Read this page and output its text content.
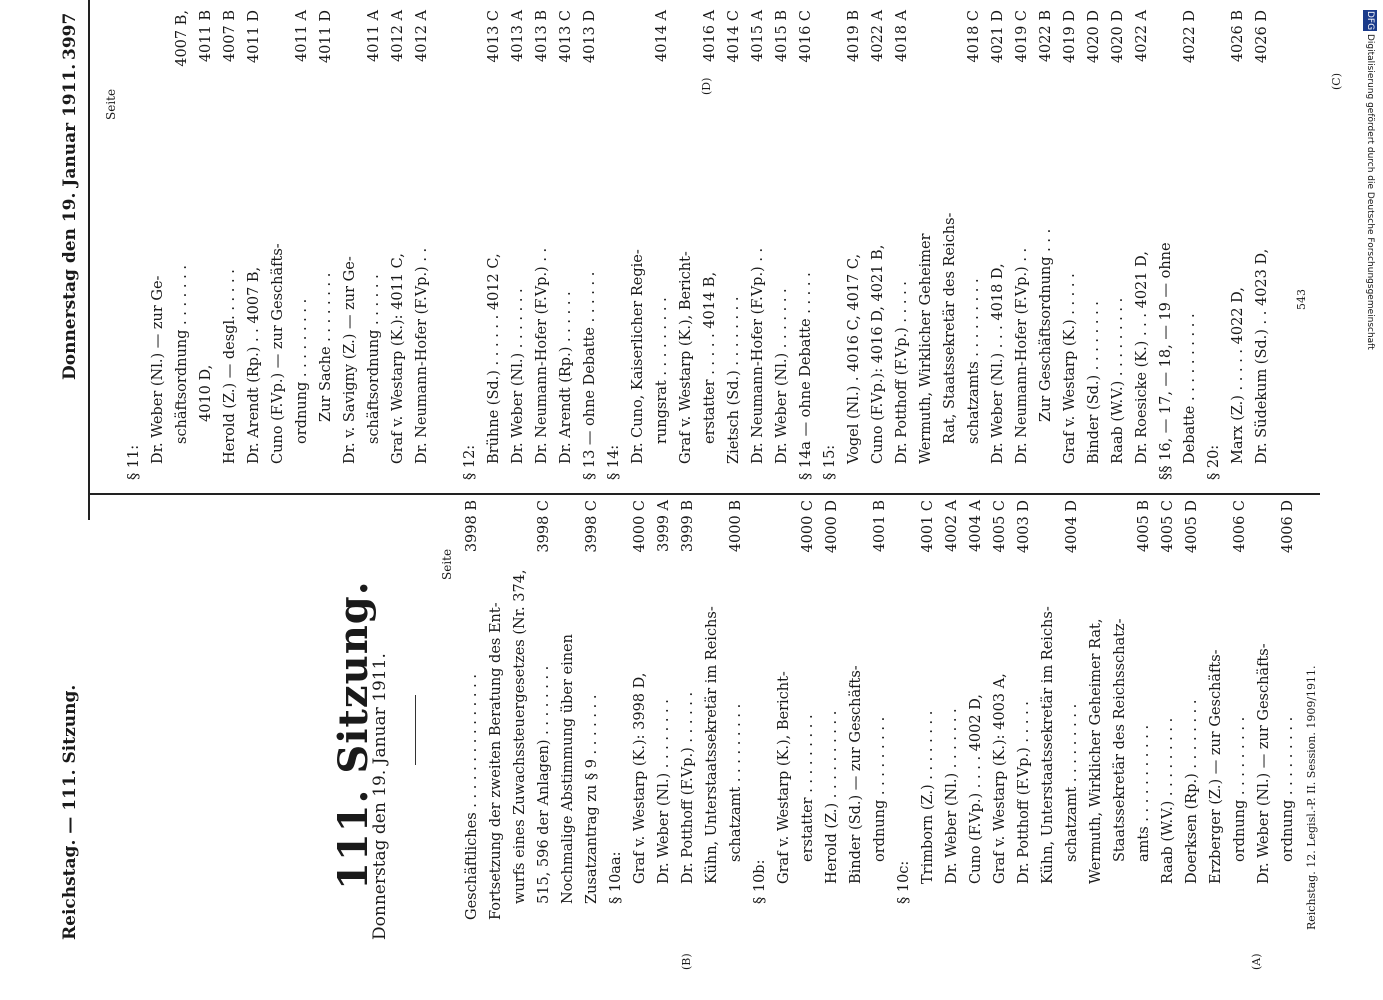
Reichstag. — 111. Sitzung.
Donnerstag den 19. Januar 1911.
3997
111. Sitzung.
Donnerstag den 19. Januar 1911.
Seite
Seite
Geschäftliches . . . . . . . . . . . . . . .
3998 B
Fortsetzung der zweiten Beratung des Ent- wurfs eines Zuwachssteuergesetzes (Nr. 374, 515, 596 der Anlagen) . . . . . . . .
3998 C
Nochmalige Abstimmung über einen Zusatzantrag zu § 9 . . . . . . .
3998 C
§ 10aa: Graf v. Westarp (K.): 3998 D,
4000 C
Dr. Weber (Nl.) . . . . . . . .
3999 A
Dr. Potthoff (F.Vp.) . . . . . .
3999 B
Kühn, Unterstaatssekretär im Reichs- schatzamt . . . . . . . . .
4000 B
§ 10b: Graf v. Westarp (K.), Bericht- erstatter . . . . . . . . .
4000 C
Herold (Z.) . . . . . . . . . .
4000 D
Binder (Sd.) — zur Geschäfts- ordnung . . . . . . . . .
4001 B
§ 10c: Trimborn (Z.) . . . . . . . .
4001 C
Dr. Weber (Nl.) . . . . . . .
4002 A
Cuno (F.Vp.) . . . . 4002 D,
4004 A
Graf v. Westarp (K.): 4003 A,
4005 C
Dr. Potthoff (F.Vp.) . . . . .
4003 D
Kühn, Unterstaatssekretär im Reichs- schatzamt . . . . . . . . .
4004 D
Wermuth, Wirklicher Geheimer Rat, Staatssekretär des Reichsschatz- amts . . . . . . . . . . .
4005 B
Raab (W.V.) . . . . . . . . .
4005 C
Doerksen (Rp.) . . . . . . . .
4005 D
Erzberger (Z.) — zur Geschäfts- ordnung . . . . . . . . .
4006 C
Dr. Weber (Nl.) — zur Geschäfts- ordnung . . . . . . . . .
4006 D
§ 11: Dr. Weber (Nl.) — zur Ge- schäftsordnung . . . . . . .
4007 B,
4010 D,
4011 B
Herold (Z.) — desgl. . . . . .
4007 B
Dr. Arendt (Rp.) . . 4007 B,
4011 D
Cuno (F.Vp.) — zur Geschäfts- ordnung . . . . . . . . .
4011 A
Zur Sache . . . . . . . .
4011 D
Dr. v. Savigny (Z.) — zur Ge- schäftsordnung . . . . . .
4011 A
Graf v. Westarp (K.): 4011 C,
4012 A
Dr. Neumann-Hofer (F.Vp.) . .
4012 A
§ 12: Brühne (Sd.) . . . . . . 4012 C,
4013 C
Dr. Weber (Nl.) . . . . . . .
4013 A
Dr. Neumann-Hofer (F.Vp.) . .
4013 B
Dr. Arendt (Rp.) . . . . . .
4013 C
§ 13 — ohne Debatte . . . . . .
4013 D
§ 14: Dr. Cuno, Kaiserlicher Regie- rungsrat . . . . . . . . .
4014 A
Graf v. Westarp (K.), Bericht- erstatter . . . . . 4014 B,
4016 A
Zietsch (Sd.) . . . . . . . .
4014 C
Dr. Neumann-Hofer (F.Vp.) . .
4015 A
Dr. Weber (Nl.) . . . . . . .
4015 B
§ 14a — ohne Debatte . . . . .
4016 C
§ 15: Vogel (Nl.) . 4016 C, 4017 C,
4019 B
Cuno (F.Vp.): 4016 D, 4021 B,
4022 A
Dr. Potthoff (F.Vp.) . . . . .
4018 A
Wermuth, Wirklicher Geheimer Rat, Staatssekretär des Reichs- schatzamts . . . . . . . . .
4018 C
Dr. Weber (Nl.) . . . 4018 D,
4021 D
Dr. Neumann-Hofer (F.Vp.) . .
4019 C
Zur Geschäftsordnung . . .
4022 B
Graf v. Westarp (K.) . . . . .
4019 D
Binder (Sd.) . . . . . . . .
4020 D
Raab (W.V.) . . . . . . . . .
4020 D
Dr. Roesicke (K.) . . . 4021 D,
4022 A
§§ 16, — 17, — 18, — 19 — ohne Debatte . . . . . . . . . .
4022 D
§ 20: Marx (Z.) . . . . . 4022 D,
4026 B
Dr. Südekum (Sd.) . . 4023 D,
4026 D
(A)
(B)
(C)
(D)
Reichstag. 12. Legisl.-P. II. Session. 1909/1911.
543
DFG Digitalisierung gefördert durch die Deutsche Forschungsgemeinschaft
